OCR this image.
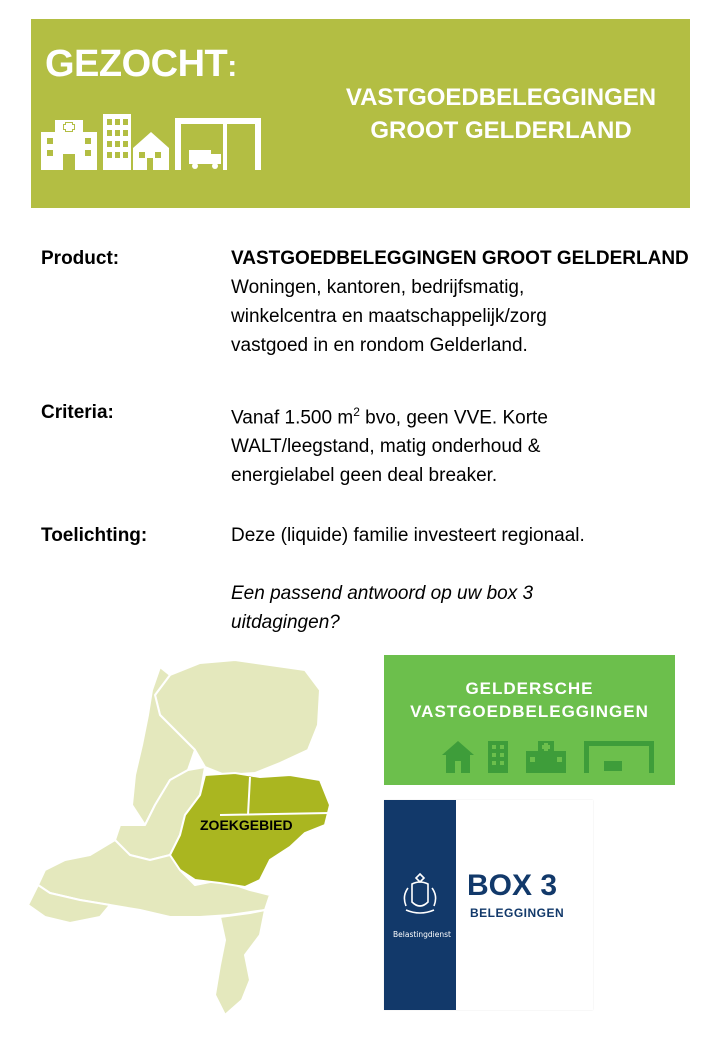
GEZOCHT:
VASTGOEDBELEGGINGEN
GROOT GELDERLAND
Product:	VASTGOEDBELEGGINGEN GROOT GELDERLAND
Woningen, kantoren, bedrijfsmatig,
winkelcentra en maatschappelijk/zorg
vastgoed in en rondom Gelderland.
Criteria:	Vanaf 1.500 $m^2$ bvo, geen VVE. Korte
WALT/leegstand, matig onderhoud &
energielabel geen deal breaker.
Toelichting:	Deze (liquide) familie investeert regionaal.
Een passend antwoord op uw box 3
uitdagingen?
ZOEKGEBIED
GELDERSCHE
VASTGOEDBELEGGINGEN
Belastingdienst
BOX 3
BELEGGINGEN
